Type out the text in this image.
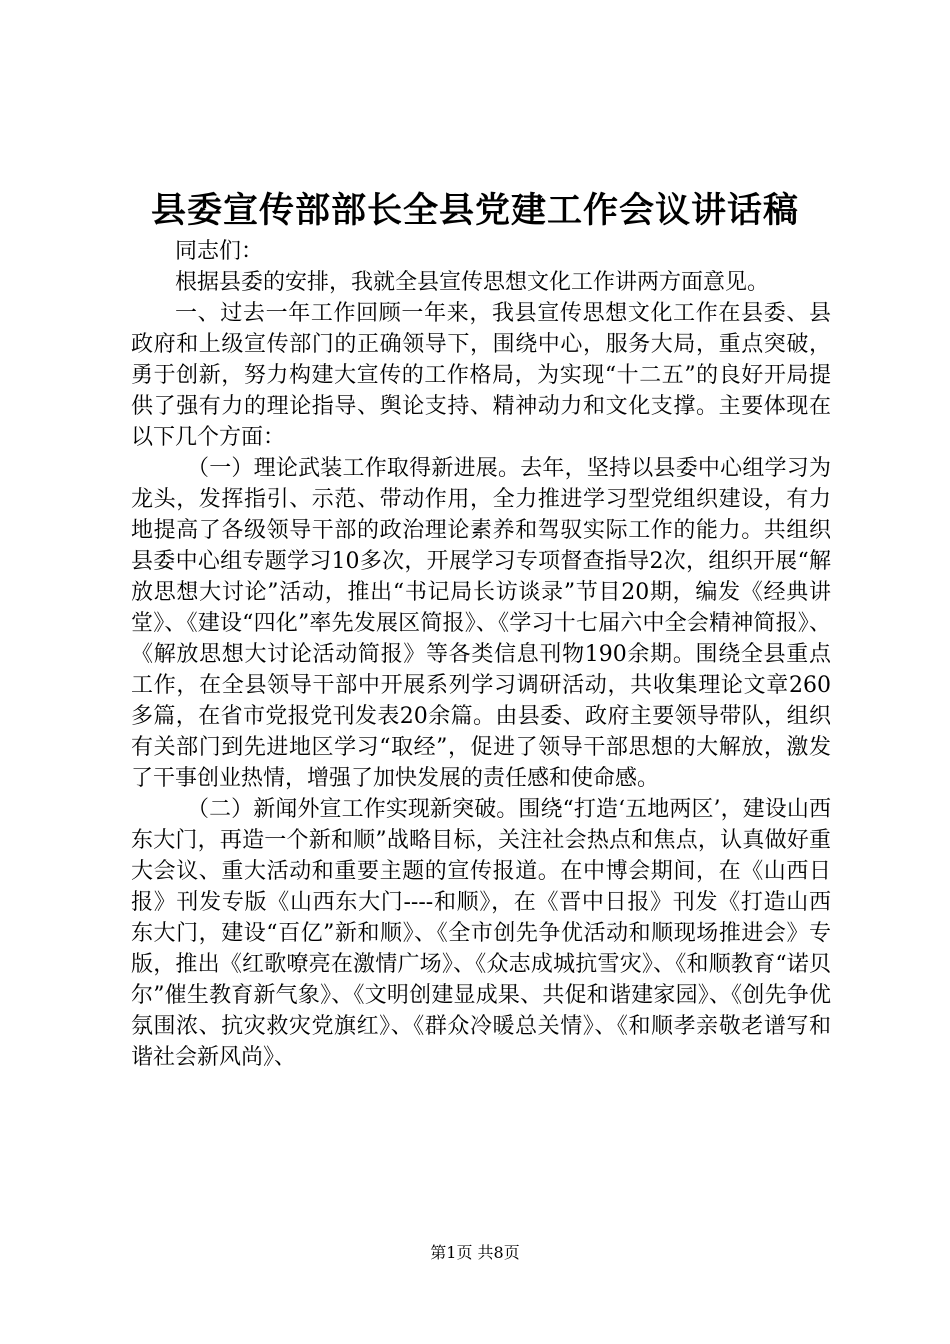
县委宣传部部长全县党建工作会议讲话稿

同志们：

根据县委的安排，我就全县宣传思想文化工作讲两方面意见。

一、过去一年工作回顾一年来，我县宣传思想文化工作在县委、县政府和上级宣传部门的正确领导下，围绕中心，服务大局，重点突破，勇于创新，努力构建大宣传的工作格局，为实现“十二五”的良好开局提供了强有力的理论指导、舆论支持、精神动力和文化支撑。主要体现在以下几个方面：

（一）理论武装工作取得新进展。去年，坚持以县委中心组学习为龙头，发挥指引、示范、带动作用，全力推进学习型党组织建设，有力地提高了各级领导干部的政治理论素养和驾驭实际工作的能力。共组织县委中心组专题学习10多次，开展学习专项督查指导2次，组织开展“解放思想大讨论”活动，推出“书记局长访谈录”节目20期，编发《经典讲堂》、《建设“四化”率先发展区简报》、《学习十七届六中全会精神简报》、《解放思想大讨论活动简报》等各类信息刊物190余期。围绕全县重点工作，在全县领导干部中开展系列学习调研活动，共收集理论文章260多篇，在省市党报党刊发表20余篇。由县委、政府主要领导带队，组织有关部门到先进地区学习“取经”，促进了领导干部思想的大解放，激发了干事创业热情，增强了加快发展的责任感和使命感。

（二）新闻外宣工作实现新突破。围绕“打造‘五地两区’，建设山西东大门，再造一个新和顺”战略目标，关注社会热点和焦点，认真做好重大会议、重大活动和重要主题的宣传报道。在中博会期间，在《山西日报》刊发专版《山西东大门----和顺》，在《晋中日报》刊发《打造山西东大门，建设“百亿”新和顺》、《全市创先争优活动和顺现场推进会》专版，推出《红歌嘹亮在激情广场》、《众志成城抗雪灾》、《和顺教育“诺贝尔”催生教育新气象》、《文明创建显成果、共促和谐建家园》、《创先争优氛围浓、抗灾救灾党旗红》、《群众冷暖总关情》、《和顺孝亲敬老谱写和谐社会新风尚》、

第1页 共8页
